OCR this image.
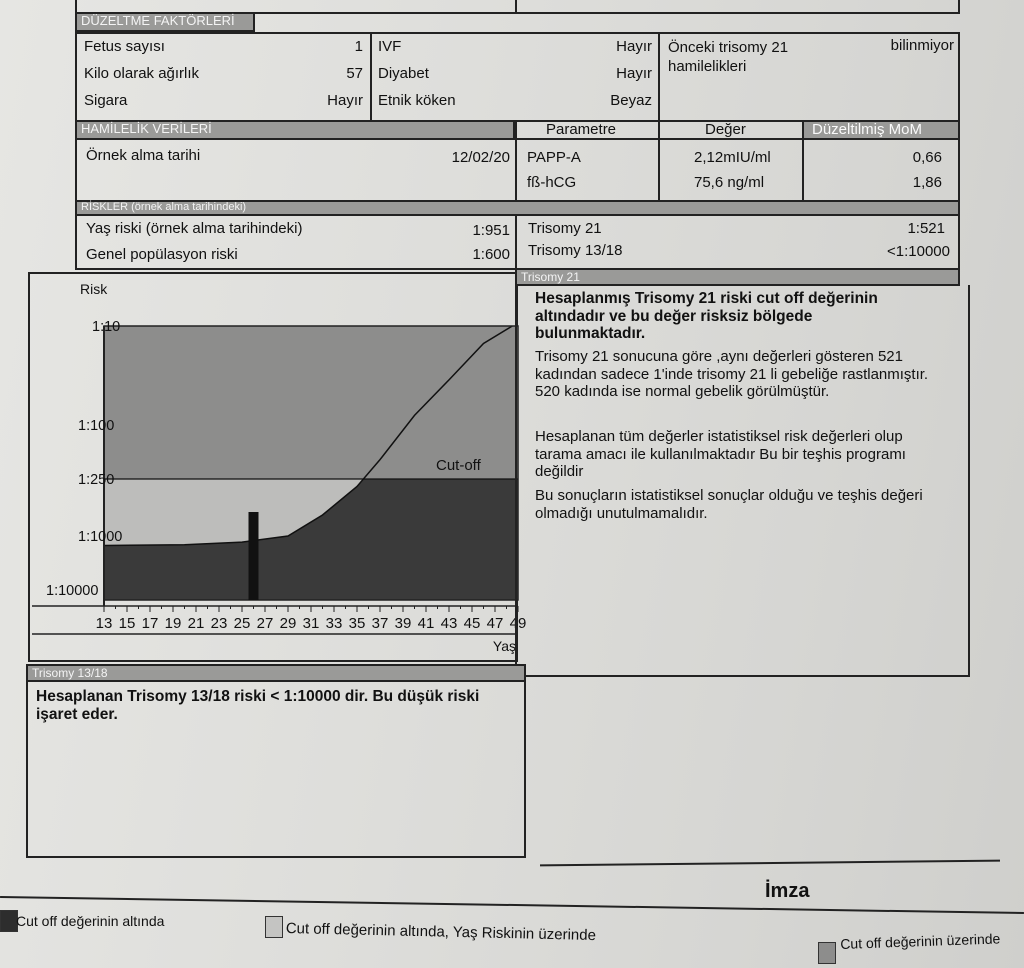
DÜZELTME FAKTÖRLERİ
Fetus sayısı	1
Kilo olarak ağırlık	57
Sigara	Hayır
IVF	Hayır
Diyabet	Hayır
Etnik köken	Beyaz
Önceki trisomy 21 hamilelikleri
bilinmiyor
HAMİLELİK VERİLERİ
Örnek alma tarihi	12/02/20
Parametre	Değer	Düzeltilmiş MoM
PAPP-A	2,12mIU/ml	0,66
fß-hCG	75,6 ng/ml	1,86
RİSKLER (örnek alma tarihindeki)
Yaş riski (örnek alma tarihindeki)	1:951
Genel popülasyon riski	1:600
Trisomy 21	1:521
Trisomy 13/18	<1:10000
Risk
Cut-off
1:10
1:100
1:250
1:1000
1:10000
13 15 17 19 21 23 25 27 29 31 33 35 37 39 41 43 45 47 49
Yaş
Trisomy 21
Hesaplanmış Trisomy 21 riski cut off değerinin altındadır ve bu değer risksiz bölgede bulunmaktadır.
Trisomy 21 sonucuna göre ,aynı değerleri gösteren 521 kadından sadece 1'inde trisomy 21 li gebeliğe rastlanmıştır. 520 kadında ise normal gebelik görülmüştür.
Hesaplanan tüm değerler istatistiksel risk değerleri olup tarama amacı ile kullanılmaktadır Bu bir teşhis programı değildir
Bu sonuçların istatistiksel sonuçlar olduğu ve teşhis değeri olmadığı unutulmamalıdır.
Trisomy 13/18
Hesaplanan Trisomy 13/18 riski < 1:10000 dir. Bu düşük riski işaret eder.
İmza
Cut off değerinin altında	Cut off değerinin altında, Yaş Riskinin üzerinde	Cut off değerinin üzerinde
